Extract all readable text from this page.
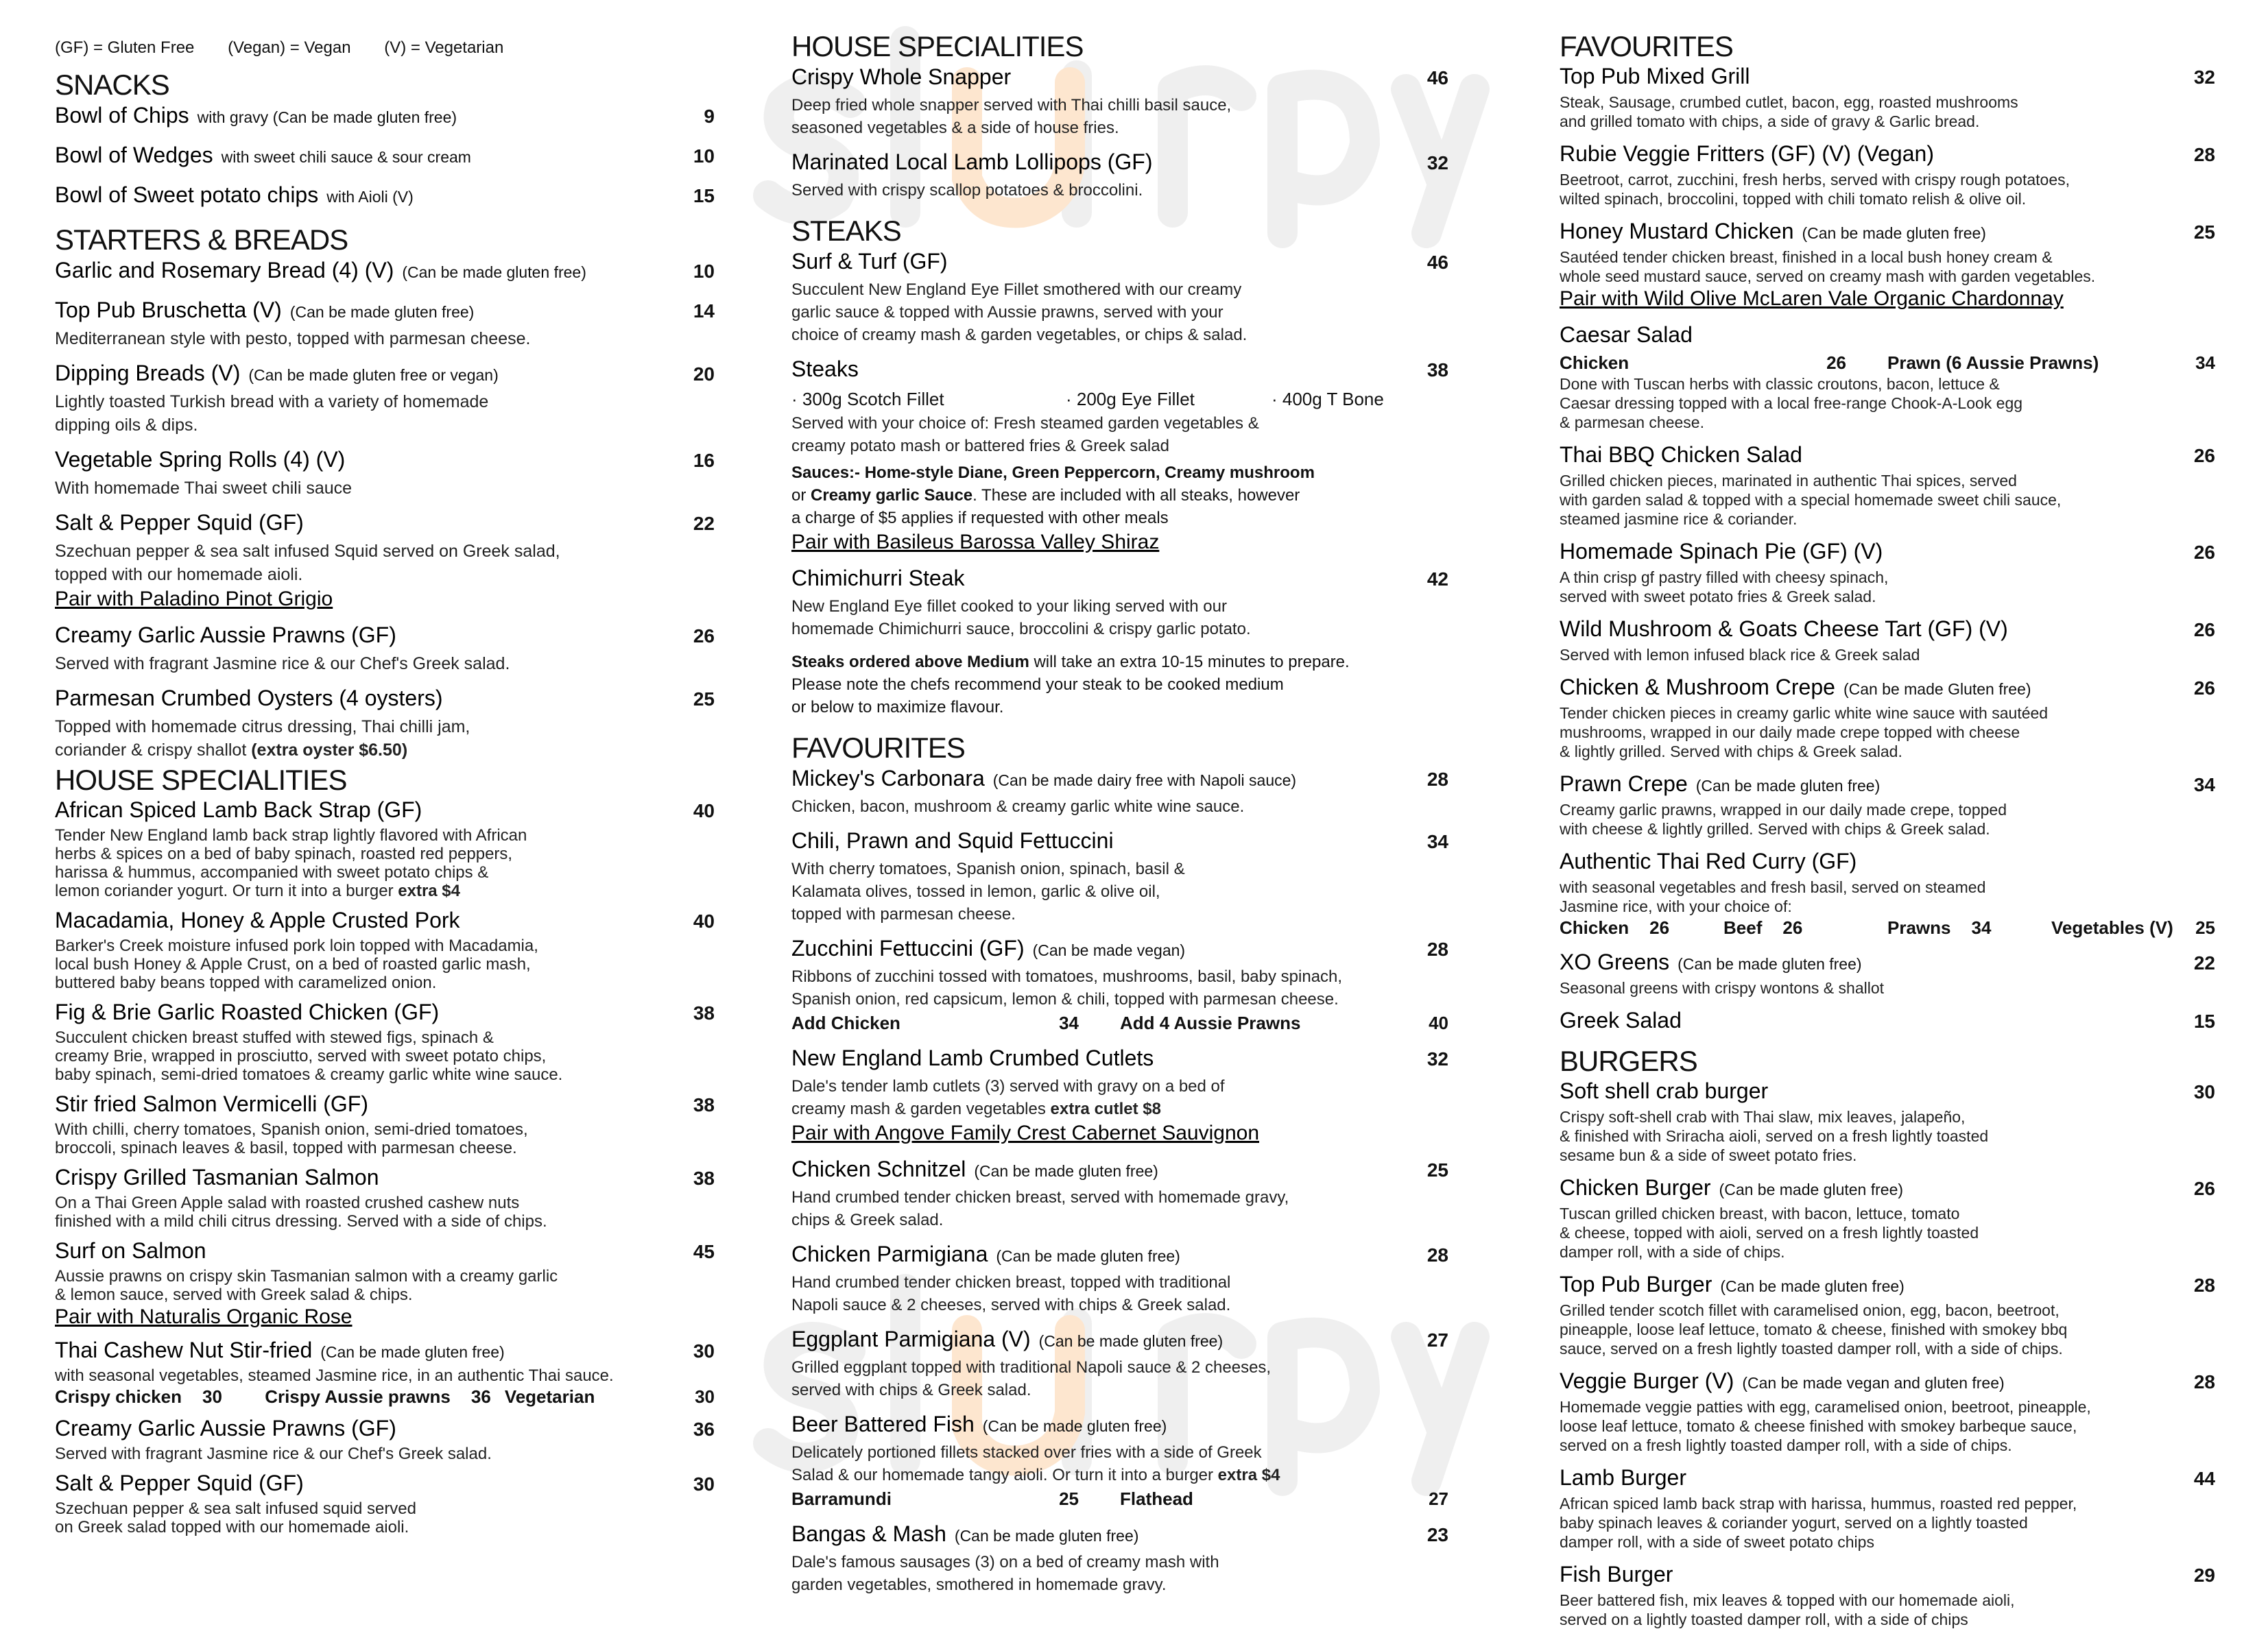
(GF) = Gluten Free (Vegan) = Vegan (V) = Vegetarian
SNACKS
Bowl of Chips with gravy (Can be made gluten free)	9
Bowl of Wedges with sweet chili sauce & sour cream	10
Bowl of Sweet potato chips with Aioli (V)	15
STARTERS & BREADS
Garlic and Rosemary Bread (4) (V) (Can be made gluten free)	10
Top Pub Bruschetta (V) (Can be made gluten free)	14
Mediterranean style with pesto, topped with parmesan cheese.
Dipping Breads (V) (Can be made gluten free or vegan)	20
Lightly toasted Turkish bread with a variety of homemade
dipping oils & dips.
Vegetable Spring Rolls (4) (V)	16
With homemade Thai sweet chili sauce
Salt & Pepper Squid (GF)	22
Szechuan pepper & sea salt infused Squid served on Greek salad,
topped with our homemade aioli.
Pair with Paladino Pinot Grigio
Creamy Garlic Aussie Prawns (GF)	26
Served with fragrant Jasmine rice & our Chef's Greek salad.
Parmesan Crumbed Oysters (4 oysters)	25
Topped with homemade citrus dressing, Thai chilli jam,
coriander & crispy shallot (extra oyster $6.50)
HOUSE SPECIALITIES
African Spiced Lamb Back Strap (GF)	40
Tender New England lamb back strap lightly flavored with African
herbs & spices on a bed of baby spinach, roasted red peppers,
harissa & hummus, accompanied with sweet potato chips &
lemon coriander yogurt. Or turn it into a burger extra $4
Macadamia, Honey & Apple Crusted Pork	40
Barker's Creek moisture infused pork loin topped with Macadamia,
local bush Honey & Apple Crust, on a bed of roasted garlic mash,
buttered baby beans topped with caramelized onion.
Fig & Brie Garlic Roasted Chicken (GF)	38
Succulent chicken breast stuffed with stewed figs, spinach &
creamy Brie, wrapped in prosciutto, served with sweet potato chips,
baby spinach, semi-dried tomatoes & creamy garlic white wine sauce.
Stir fried Salmon Vermicelli (GF)	38
With chilli, cherry tomatoes, Spanish onion, semi-dried tomatoes,
broccoli, spinach leaves & basil, topped with parmesan cheese.
Crispy Grilled Tasmanian Salmon	38
On a Thai Green Apple salad with roasted crushed cashew nuts
finished with a mild chili citrus dressing. Served with a side of chips.
Surf on Salmon	45
Aussie prawns on crispy skin Tasmanian salmon with a creamy garlic
& lemon sauce, served with Greek salad & chips.
Pair with Naturalis Organic Rose
Thai Cashew Nut Stir-fried (Can be made gluten free)	30
with seasonal vegetables, steamed Jasmine rice, in an authentic Thai sauce.
Crispy chicken 30 Crispy Aussie prawns 36 Vegetarian	30
Creamy Garlic Aussie Prawns (GF)	36
Served with fragrant Jasmine rice & our Chef's Greek salad.
Salt & Pepper Squid (GF)	30
Szechuan pepper & sea salt infused squid served
on Greek salad topped with our homemade aioli.
HOUSE SPECIALITIES
Crispy Whole Snapper	46
Deep fried whole snapper served with Thai chilli basil sauce,
seasoned vegetables & a side of house fries.
Marinated Local Lamb Lollipops (GF)	32
Served with crispy scallop potatoes & broccolini.
STEAKS
Surf & Turf (GF)	46
Succulent New England Eye Fillet smothered with our creamy
garlic sauce & topped with Aussie prawns, served with your
choice of creamy mash & garden vegetables, or chips & salad.
Steaks	38
· 300g Scotch Fillet	· 200g Eye Fillet	· 400g T Bone
Served with your choice of: Fresh steamed garden vegetables &
creamy potato mash or battered fries & Greek salad
Sauces:- Home-style Diane, Green Peppercorn, Creamy mushroom
or Creamy garlic Sauce. These are included with all steaks, however
a charge of $5 applies if requested with other meals
Pair with Basileus Barossa Valley Shiraz
Chimichurri Steak	42
New England Eye fillet cooked to your liking served with our
homemade Chimichurri sauce, broccolini & crispy garlic potato.
Steaks ordered above Medium will take an extra 10-15 minutes to prepare.
Please note the chefs recommend your steak to be cooked medium
or below to maximize flavour.
FAVOURITES
Mickey's Carbonara (Can be made dairy free with Napoli sauce)	28
Chicken, bacon, mushroom & creamy garlic white wine sauce.
Chili, Prawn and Squid Fettuccini	34
With cherry tomatoes, Spanish onion, spinach, basil &
Kalamata olives, tossed in lemon, garlic & olive oil,
topped with parmesan cheese.
Zucchini Fettuccini (GF) (Can be made vegan)	28
Ribbons of zucchini tossed with tomatoes, mushrooms, basil, baby spinach,
Spanish onion, red capsicum, lemon & chili, topped with parmesan cheese.
Add Chicken	34 Add 4 Aussie Prawns	40
New England Lamb Crumbed Cutlets	32
Dale's tender lamb cutlets (3) served with gravy on a bed of
creamy mash & garden vegetables extra cutlet $8
Pair with Angove Family Crest Cabernet Sauvignon
Chicken Schnitzel (Can be made gluten free)	25
Hand crumbed tender chicken breast, served with homemade gravy,
chips & Greek salad.
Chicken Parmigiana (Can be made gluten free)	28
Hand crumbed tender chicken breast, topped with traditional
Napoli sauce & 2 cheeses, served with chips & Greek salad.
Eggplant Parmigiana (V) (Can be made gluten free)	27
Grilled eggplant topped with traditional Napoli sauce & 2 cheeses,
served with chips & Greek salad.
Beer Battered Fish (Can be made gluten free)
Delicately portioned fillets stacked over fries with a side of Greek
Salad & our homemade tangy aioli. Or turn it into a burger extra $4
Barramundi	25 Flathead	27
Bangas & Mash (Can be made gluten free)	23
Dale's famous sausages (3) on a bed of creamy mash with
garden vegetables, smothered in homemade gravy.
FAVOURITES
Top Pub Mixed Grill	32
Steak, Sausage, crumbed cutlet, bacon, egg, roasted mushrooms
and grilled tomato with chips, a side of gravy & Garlic bread.
Rubie Veggie Fritters (GF) (V) (Vegan)	28
Beetroot, carrot, zucchini, fresh herbs, served with crispy rough potatoes,
wilted spinach, broccolini, topped with chili tomato relish & olive oil.
Honey Mustard Chicken (Can be made gluten free)	25
Sautéed tender chicken breast, finished in a local bush honey cream &
whole seed mustard sauce, served on creamy mash with garden vegetables.
Pair with Wild Olive McLaren Vale Organic Chardonnay
Caesar Salad
Chicken	26 Prawn (6 Aussie Prawns)	34
Done with Tuscan herbs with classic croutons, bacon, lettuce &
Caesar dressing topped with a local free-range Chook-A-Look egg
& parmesan cheese.
Thai BBQ Chicken Salad	26
Grilled chicken pieces, marinated in authentic Thai spices, served
with garden salad & topped with a special homemade sweet chili sauce,
steamed jasmine rice & coriander.
Homemade Spinach Pie (GF) (V)	26
A thin crisp gf pastry filled with cheesy spinach,
served with sweet potato fries & Greek salad.
Wild Mushroom & Goats Cheese Tart (GF) (V)	26
Served with lemon infused black rice & Greek salad
Chicken & Mushroom Crepe (Can be made Gluten free)	26
Tender chicken pieces in creamy garlic white wine sauce with sautéed
mushrooms, wrapped in our daily made crepe topped with cheese
& lightly grilled. Served with chips & Greek salad.
Prawn Crepe (Can be made gluten free)	34
Creamy garlic prawns, wrapped in our daily made crepe, topped
with cheese & lightly grilled. Served with chips & Greek salad.
Authentic Thai Red Curry (GF)
with seasonal vegetables and fresh basil, served on steamed
Jasmine rice, with your choice of:
Chicken 26	Beef 26	Prawns 34	Vegetables (V) 25
XO Greens (Can be made gluten free)	22
Seasonal greens with crispy wontons & shallot
Greek Salad	15
BURGERS
Soft shell crab burger	30
Crispy soft-shell crab with Thai slaw, mix leaves, jalapeño,
& finished with Sriracha aioli, served on a fresh lightly toasted
sesame bun & a side of sweet potato fries.
Chicken Burger (Can be made gluten free)	26
Tuscan grilled chicken breast, with bacon, lettuce, tomato
& cheese, topped with aioli, served on a fresh lightly toasted
damper roll, with a side of chips.
Top Pub Burger (Can be made gluten free)	28
Grilled tender scotch fillet with caramelised onion, egg, bacon, beetroot,
pineapple, loose leaf lettuce, tomato & cheese, finished with smokey bbq
sauce, served on a fresh lightly toasted damper roll, with a side of chips.
Veggie Burger (V) (Can be made vegan and gluten free)	28
Homemade veggie patties with egg, caramelised onion, beetroot, pineapple,
loose leaf lettuce, tomato & cheese finished with smokey barbeque sauce,
served on a fresh lightly toasted damper roll, with a side of chips.
Lamb Burger	44
African spiced lamb back strap with harissa, hummus, roasted red pepper,
baby spinach leaves & coriander yogurt, served on a lightly toasted
damper roll, with a side of sweet potato chips
Fish Burger	29
Beer battered fish, mix leaves & topped with our homemade aioli,
served on a lightly toasted damper roll, with a side of chips
